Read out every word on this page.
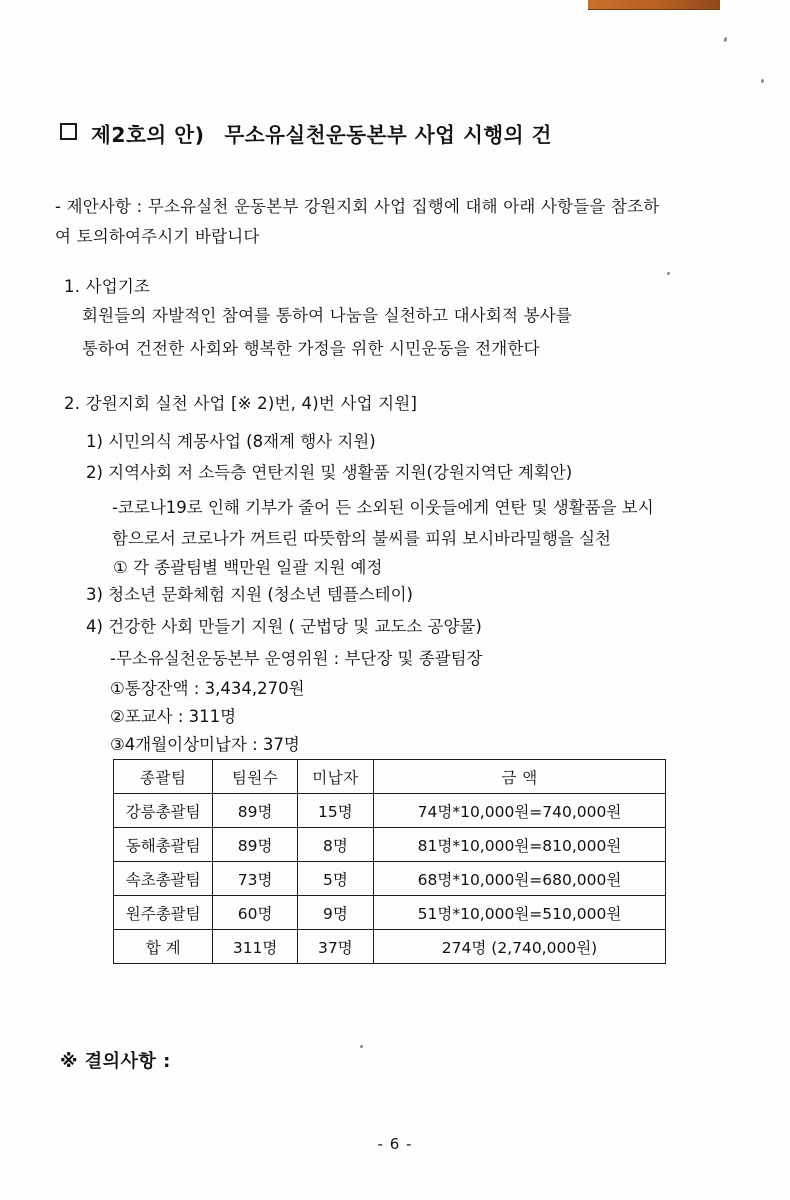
제2호의 안) 무소유실천운동본부 사업 시행의 건
- 제안사항 : 무소유실천 운동본부 강원지회 사업 집행에 대해 아래 사항들을 참조하
여 토의하여주시기 바랍니다
1. 사업기조
회원들의 자발적인 참여를 통하여 나눔을 실천하고 대사회적 봉사를
통하여 건전한 사회와 행복한 가정을 위한 시민운동을 전개한다
2. 강원지회 실천 사업 [※ 2)번, 4)번 사업 지원]
1) 시민의식 계몽사업 (8재계 행사 지원)
2) 지역사회 저 소득층 연탄지원 및 생활품 지원(강원지역단 계획안)
-코로나19로 인해 기부가 줄어 든 소외된 이웃들에게 연탄 및 생활품을 보시
함으로서 코로나가 꺼트린 따뜻함의 불씨를 피워 보시바라밀행을 실천
① 각 종괄팀별 백만원 일괄 지원 예정
3) 청소년 문화체험 지원 (청소년 템플스테이)
4) 건강한 사회 만들기 지원 ( 군법당 및 교도소 공양물)
-무소유실천운동본부 운영위원 : 부단장 및 종괄팀장
①통장잔액 : 3,434,270원
②포교사 : 311명
③4개월이상미납자 : 37명
종괄팀	팀원수	미납자	금 액
강릉총괄팀	89명	15명	74명*10,000원=740,000원
동해총괄팀	89명	8명	81명*10,000원=810,000원
속초총괄팀	73명	5명	68명*10,000원=680,000원
원주총괄팀	60명	9명	51명*10,000원=510,000원
합 계	311명	37명	274명 (2,740,000원)
※ 결의사항 :
- 6 -
